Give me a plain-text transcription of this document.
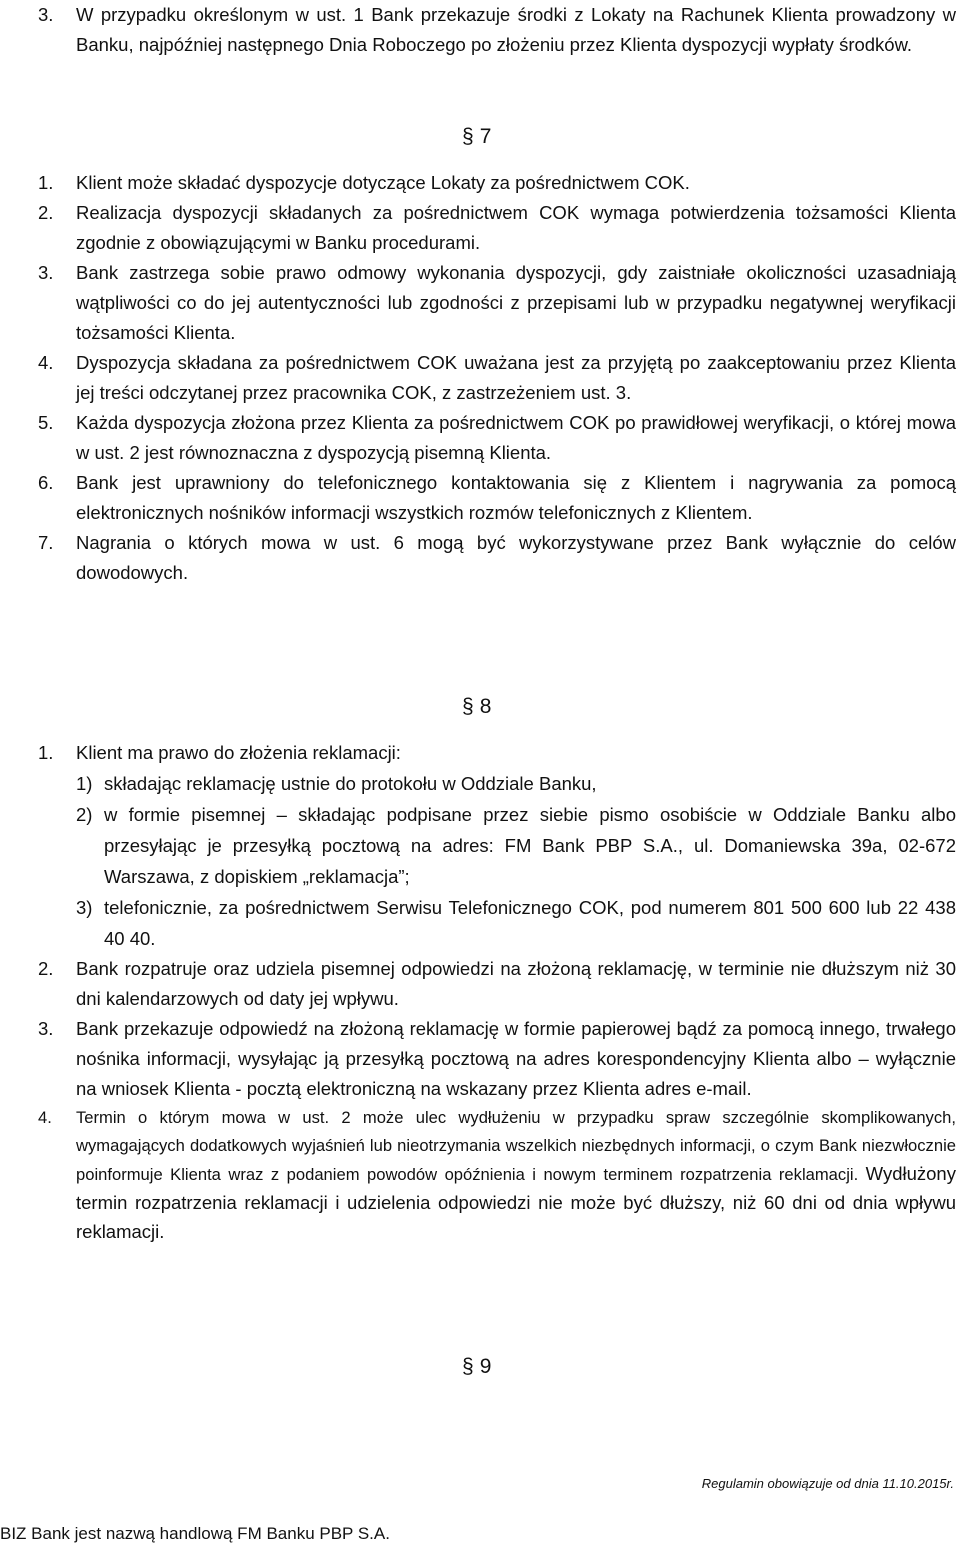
3. W przypadku określonym w ust. 1 Bank przekazuje środki z Lokaty na Rachunek Klienta prowadzony w Banku, najpóźniej następnego Dnia Roboczego po złożeniu przez Klienta dyspozycji wypłaty środków.
§ 7
1. Klient może składać dyspozycje dotyczące Lokaty za pośrednictwem COK.
2. Realizacja dyspozycji składanych za pośrednictwem COK wymaga potwierdzenia tożsamości Klienta zgodnie z obowiązującymi w Banku procedurami.
3. Bank zastrzega sobie prawo odmowy wykonania dyspozycji, gdy zaistniałe okoliczności uzasadniają wątpliwości co do jej autentyczności lub zgodności z przepisami lub w przypadku negatywnej weryfikacji tożsamości Klienta.
4. Dyspozycja składana za pośrednictwem COK uważana jest za przyjętą po zaakceptowaniu przez Klienta jej treści odczytanej przez pracownika COK, z zastrzeżeniem ust. 3.
5. Każda dyspozycja złożona przez Klienta za pośrednictwem COK po prawidłowej weryfikacji, o której mowa w ust. 2 jest równoznaczna z dyspozycją pisemną Klienta.
6. Bank jest uprawniony do telefonicznego kontaktowania się z Klientem i nagrywania za pomocą elektronicznych nośników informacji wszystkich rozmów telefonicznych z Klientem.
7. Nagrania o których mowa w ust. 6 mogą być wykorzystywane przez Bank wyłącznie do celów dowodowych.
§ 8
1. Klient ma prawo do złożenia reklamacji:
1) składając reklamację ustnie do protokołu w Oddziale Banku,
2) w formie pisemnej – składając podpisane przez siebie pismo osobiście w Oddziale Banku albo przesyłając je przesyłką pocztową na adres: FM Bank PBP S.A., ul. Domaniewska 39a, 02-672 Warszawa, z dopiskiem „reklamacja”;
3) telefonicznie, za pośrednictwem Serwisu Telefonicznego COK, pod numerem 801 500 600 lub 22 438 40 40.
2. Bank rozpatruje oraz udziela pisemnej odpowiedzi na złożoną reklamację, w terminie nie dłuższym niż 30 dni kalendarzowych od daty jej wpływu.
3. Bank przekazuje odpowiedź na złożoną reklamację w formie papierowej bądź za pomocą innego, trwałego nośnika informacji, wysyłając ją przesyłką pocztową na adres korespondencyjny Klienta albo – wyłącznie na wniosek Klienta - pocztą elektroniczną na wskazany przez Klienta adres e-mail.
4. Termin o którym mowa w ust. 2 może ulec wydłużeniu w przypadku spraw szczególnie skomplikowanych, wymagających dodatkowych wyjaśnień lub nieotrzymania wszelkich niezbędnych informacji, o czym Bank niezwłocznie poinformuje Klienta wraz z podaniem powodów opóźnienia i nowym terminem rozpatrzenia reklamacji. Wydłużony termin rozpatrzenia reklamacji i udzielenia odpowiedzi nie może być dłuższy, niż 60 dni od dnia wpływu reklamacji.
§ 9
Regulamin obowiązuje od dnia 11.10.2015r.
BIZ Bank jest nazwą handlową FM Banku PBP S.A.
